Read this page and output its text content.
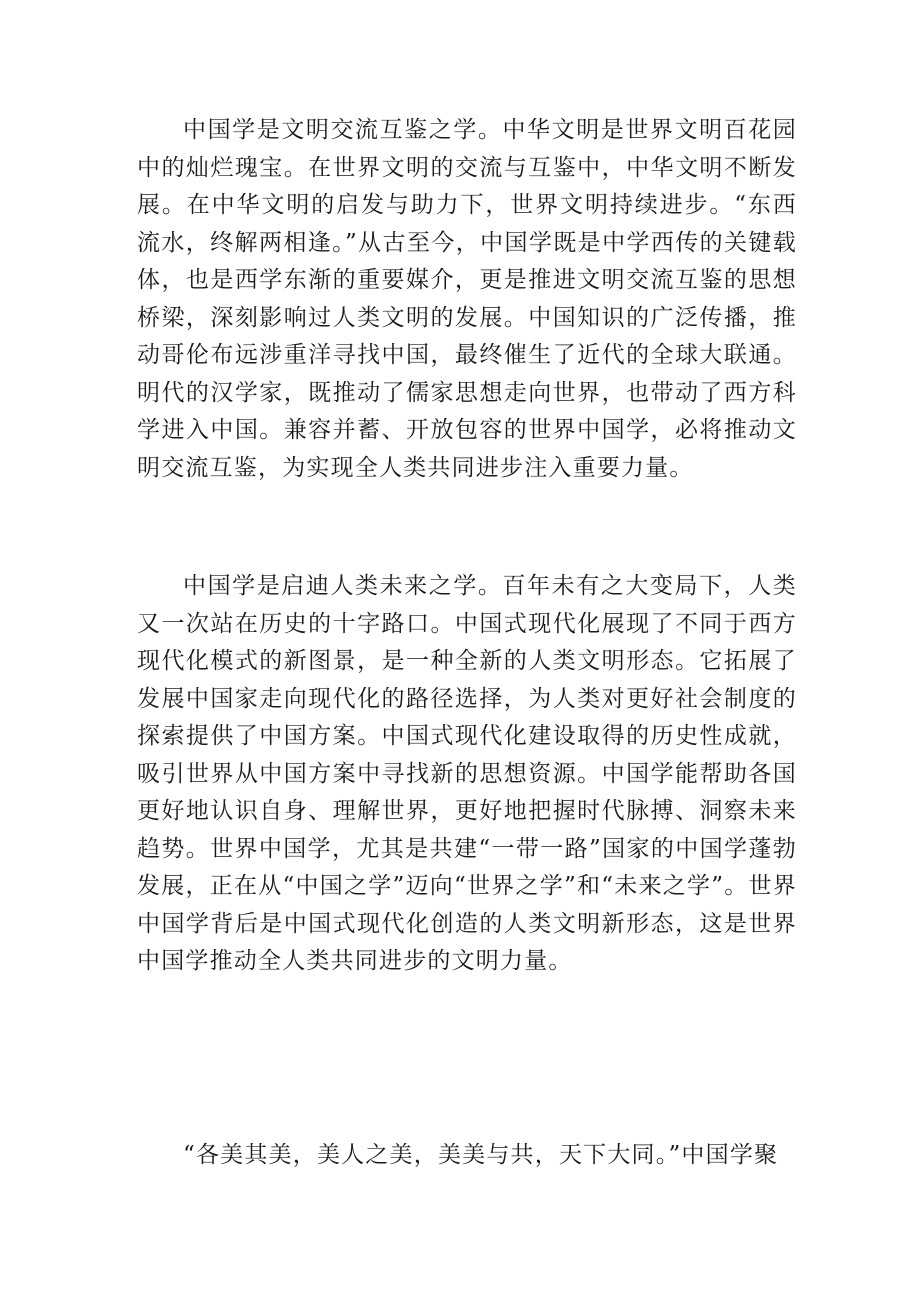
中国学是文明交流互鉴之学。中华文明是世界文明百花园中的灿烂瑰宝。在世界文明的交流与互鉴中，中华文明不断发展。在中华文明的启发与助力下，世界文明持续进步。“东西流水，终解两相逢。”从古至今，中国学既是中学西传的关键载体，也是西学东渐的重要媒介，更是推进文明交流互鉴的思想桥梁，深刻影响过人类文明的发展。中国知识的广泛传播，推动哥伦布远涉重洋寻找中国，最终催生了近代的全球大联通。明代的汉学家，既推动了儒家思想走向世界，也带动了西方科学进入中国。兼容并蓄、开放包容的世界中国学，必将推动文明交流互鉴，为实现全人类共同进步注入重要力量。

中国学是启迪人类未来之学。百年未有之大变局下，人类又一次站在历史的十字路口。中国式现代化展现了不同于西方现代化模式的新图景，是一种全新的人类文明形态。它拓展了发展中国家走向现代化的路径选择，为人类对更好社会制度的探索提供了中国方案。中国式现代化建设取得的历史性成就，吸引世界从中国方案中寻找新的思想资源。中国学能帮助各国更好地认识自身、理解世界，更好地把握时代脉搏、洞察未来趋势。世界中国学，尤其是共建“一带一路”国家的中国学蓬勃发展，正在从“中国之学”迈向“世界之学”和“未来之学”。世界中国学背后是中国式现代化创造的人类文明新形态，这是世界中国学推动全人类共同进步的文明力量。

“各美其美，美人之美，美美与共，天下大同。”中国学聚
